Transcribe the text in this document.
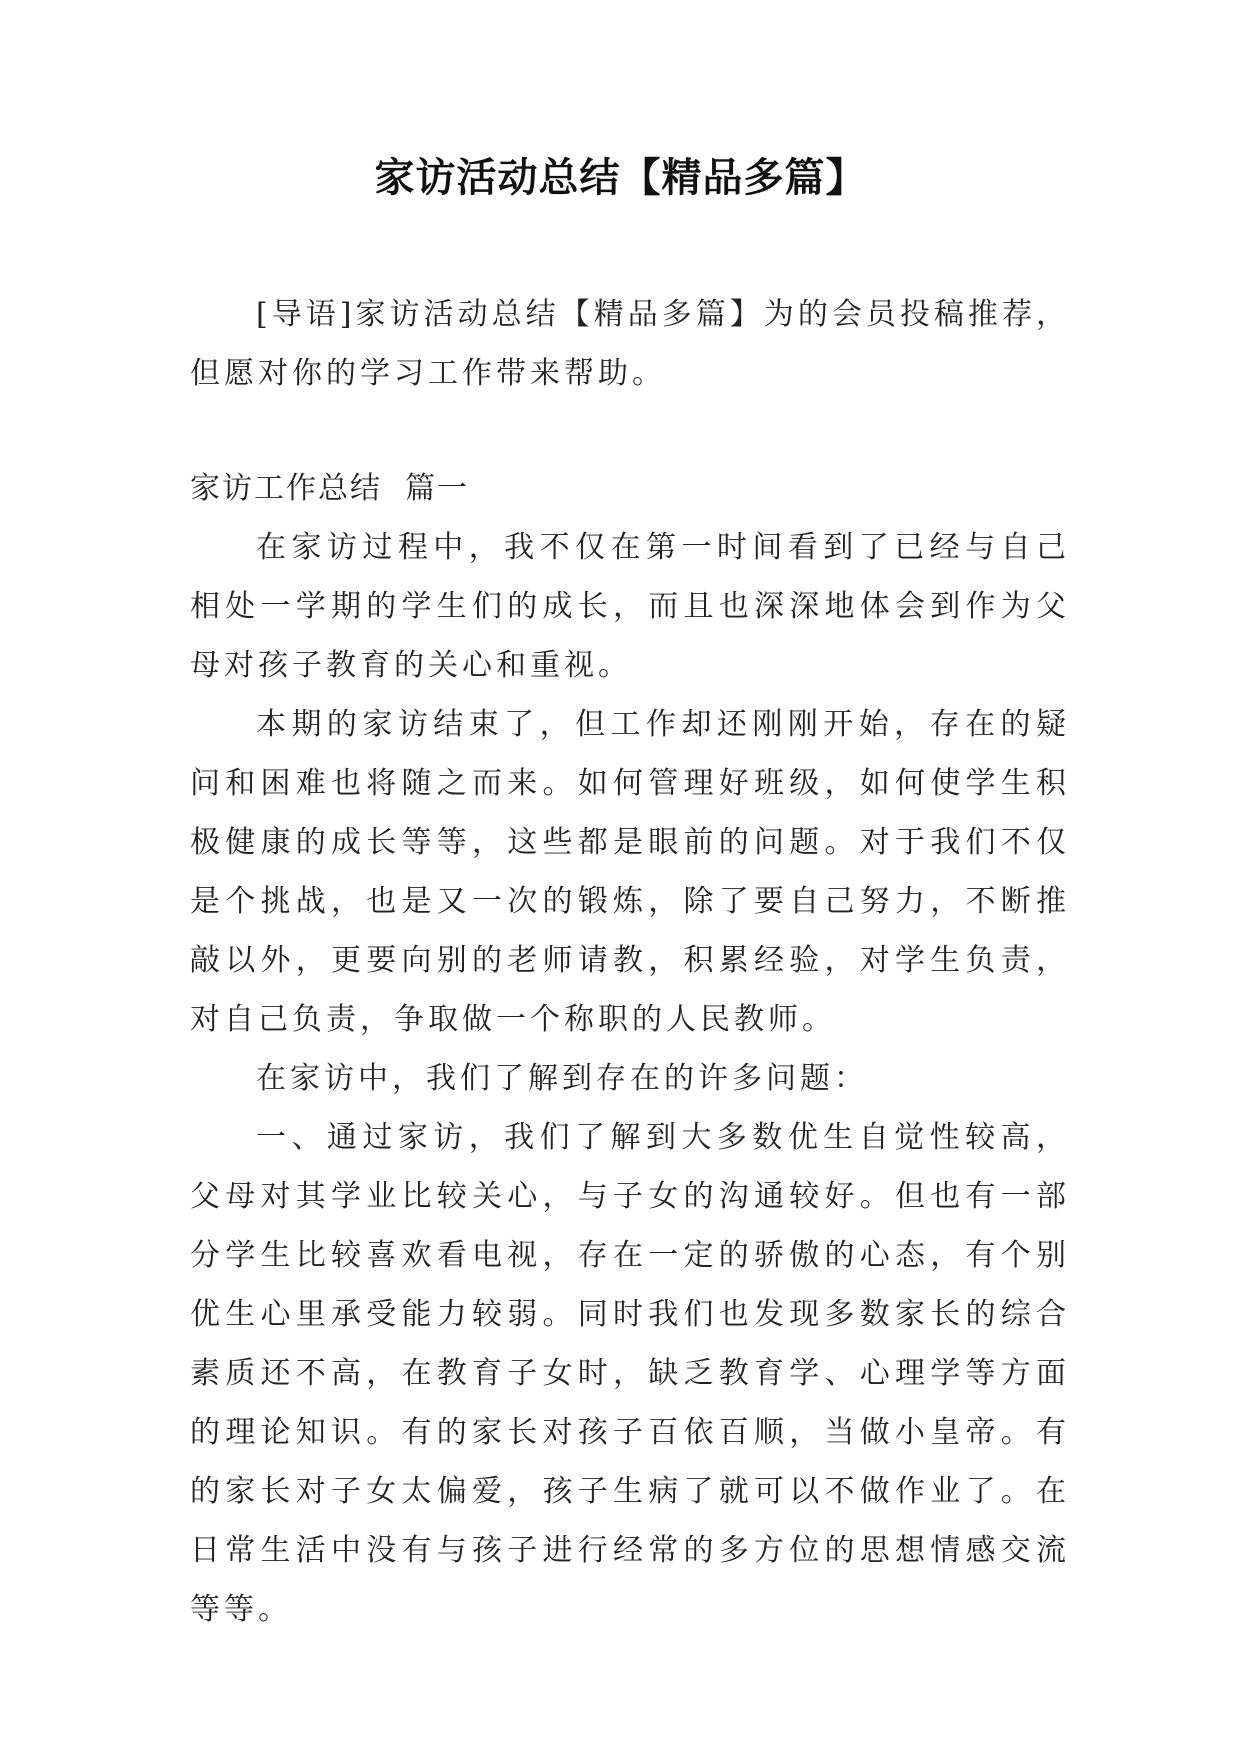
家访活动总结【精品多篇】

[导语]家访活动总结【精品多篇】为的会员投稿推荐，但愿对你的学习工作带来帮助。

家访工作总结  篇一

在家访过程中，我不仅在第一时间看到了已经与自己相处一学期的学生们的成长，而且也深深地体会到作为父母对孩子教育的关心和重视。

本期的家访结束了，但工作却还刚刚开始，存在的疑问和困难也将随之而来。如何管理好班级，如何使学生积极健康的成长等等，这些都是眼前的问题。对于我们不仅是个挑战，也是又一次的锻炼，除了要自己努力，不断推敲以外，更要向别的老师请教，积累经验，对学生负责，对自己负责，争取做一个称职的人民教师。

在家访中，我们了解到存在的许多问题：

一、通过家访，我们了解到大多数优生自觉性较高，父母对其学业比较关心，与子女的沟通较好。但也有一部分学生比较喜欢看电视，存在一定的骄傲的心态，有个别优生心里承受能力较弱。同时我们也发现多数家长的综合素质还不高，在教育子女时，缺乏教育学、心理学等方面的理论知识。有的家长对孩子百依百顺，当做小皇帝。有的家长对子女太偏爱，孩子生病了就可以不做作业了。在日常生活中没有与孩子进行经常的多方位的思想情感交流等等。
